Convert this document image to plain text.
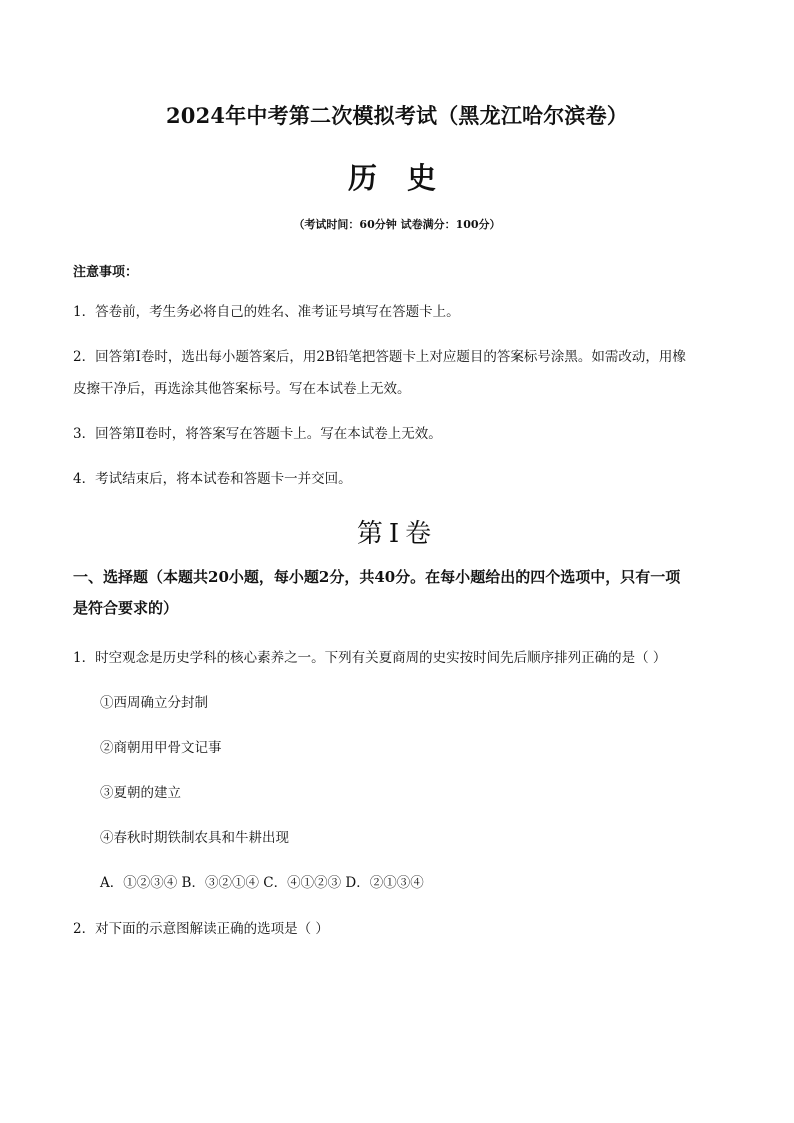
2024年中考第二次模拟考试（黑龙江哈尔滨卷）
历 史
（考试时间：60分钟 试卷满分：100分）
注意事项：
1．答卷前，考生务必将自己的姓名、准考证号填写在答题卡上。
2．回答第Ⅰ卷时，选出每小题答案后，用2B铅笔把答题卡上对应题目的答案标号涂黑。如需改动，用橡
皮擦干净后，再选涂其他答案标号。写在本试卷上无效。
3．回答第Ⅱ卷时，将答案写在答题卡上。写在本试卷上无效。
4．考试结束后，将本试卷和答题卡一并交回。
第Ⅰ卷
一、选择题（本题共20小题，每小题2分，共40分。在每小题给出的四个选项中，只有一项
是符合要求的）
1．时空观念是历史学科的核心素养之一。下列有关夏商周的史实按时间先后顺序排列正确的是（ ）
①西周确立分封制
②商朝用甲骨文记事
③夏朝的建立
④春秋时期铁制农具和牛耕出现
A．①②③④ B．③②①④ C．④①②③ D．②①③④
2．对下面的示意图解读正确的选项是（ ）
